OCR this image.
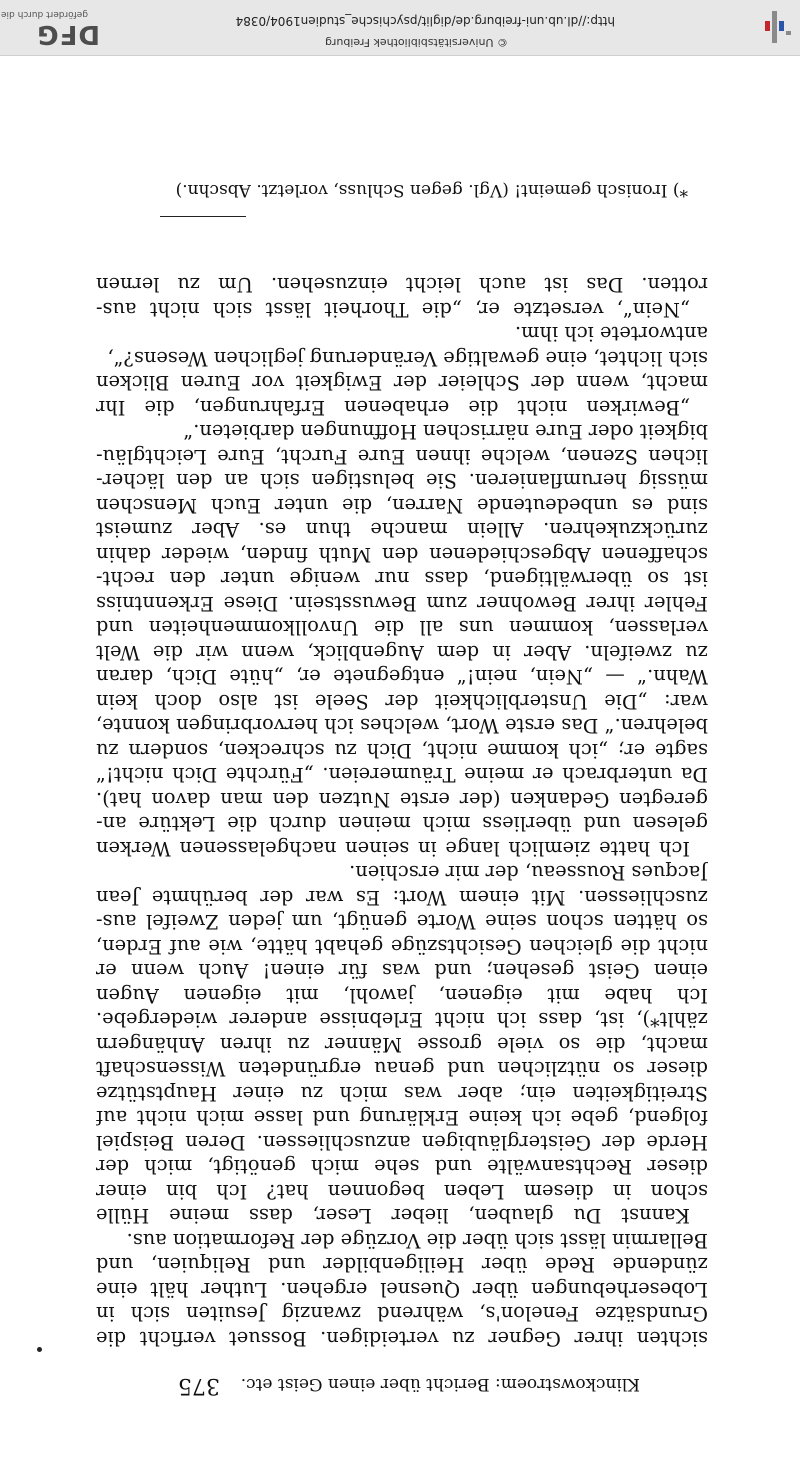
© Universitätsbibliothek Freiburg
http://dl.ub.uni-freiburg.de/diglit/psychische_studien1904/0384
DFG
gefördert durch die
Klinckowstroem: Bericht über einen Geist etc.
375
sichten ihrer Gegner zu verteidigen. Bossuet verficht die
Grundsätze Fenelon's, während zwanzig Jesuiten sich in
Lobeserhebungen über Quesnel ergehen. Luther hält eine
zündende Rede über Heiligenbilder und Reliquien, und
Bellarmin lässt sich über die Vorzüge der Reformation aus.
Kannst Du glauben, lieber Leser, dass meine Hülle
schon in diesem Leben begonnen hat? Ich bin einer
dieser Rechtsanwälte und sehe mich genötigt, mich der
Herde der Geistergläubigen anzuschliessen. Deren Beispiel
folgend, gebe ich keine Erklärung und lasse mich nicht auf
Streitigkeiten ein; aber was mich zu einer Hauptstütze
dieser so nützlichen und genau ergründeten Wissenschaft
macht, die so viele grosse Männer zu ihren Anhängern
zählt*), ist, dass ich nicht Erlebnisse anderer wiedergebe.
Ich habe mit eigenen, jawohl, mit eigenen Augen
einen Geist gesehen; und was für einen! Auch wenn er
nicht die gleichen Gesichtszüge gehabt hätte, wie auf Erden,
so hätten schon seine Worte genügt, um jeden Zweifel aus-
zuschliessen. Mit einem Wort: Es war der berühmte Jean
Jacques Rousseau, der mir erschien.
Ich hatte ziemlich lange in seinen nachgelassenen Werken
gelesen und überliess mich meinen durch die Lektüre an-
geregten Gedanken (der erste Nutzen den man davon hat).
Da unterbrach er meine Träumereien. „Fürchte Dich nicht!“
sagte er; „ich komme nicht, Dich zu schrecken, sondern zu
belehren.“ Das erste Wort, welches ich hervorbringen konnte,
war: „Die Unsterblichkeit der Seele ist also doch kein
Wahn.“ — „Nein, nein!“ entgegnete er, „hüte Dich, daran
zu zweifeln. Aber in dem Augenblick, wenn wir die Welt
verlassen, kommen uns all die Unvollkommenheiten und
Fehler ihrer Bewohner zum Bewusstsein. Diese Erkenntniss
ist so überwältigend, dass nur wenige unter den recht-
schaffenen Abgeschiedenen den Muth finden, wieder dahin
zurückzukehren. Allein manche thun es. Aber zumeist
sind es unbedeutende Narren, die unter Euch Menschen
müssig herumflanieren. Sie belustigen sich an den lächer-
lichen Szenen, welche ihnen Eure Furcht, Eure Leichtgläu-
bigkeit oder Eure närrischen Hoffnungen darbieten.“
„Bewirken nicht die erhabenen Erfahrungen, die Ihr
macht, wenn der Schleier der Ewigkeit vor Euren Blicken
sich lichtet, eine gewaltige Veränderung jeglichen Wesens?“,
antwortete ich ihm.
„Nein“, versetzte er, „die Thorheit lässt sich nicht aus-
rotten. Das ist auch leicht einzusehen. Um zu lernen
*) Ironisch gemeint! (Vgl. gegen Schluss, vorletzt. Abschn.)
